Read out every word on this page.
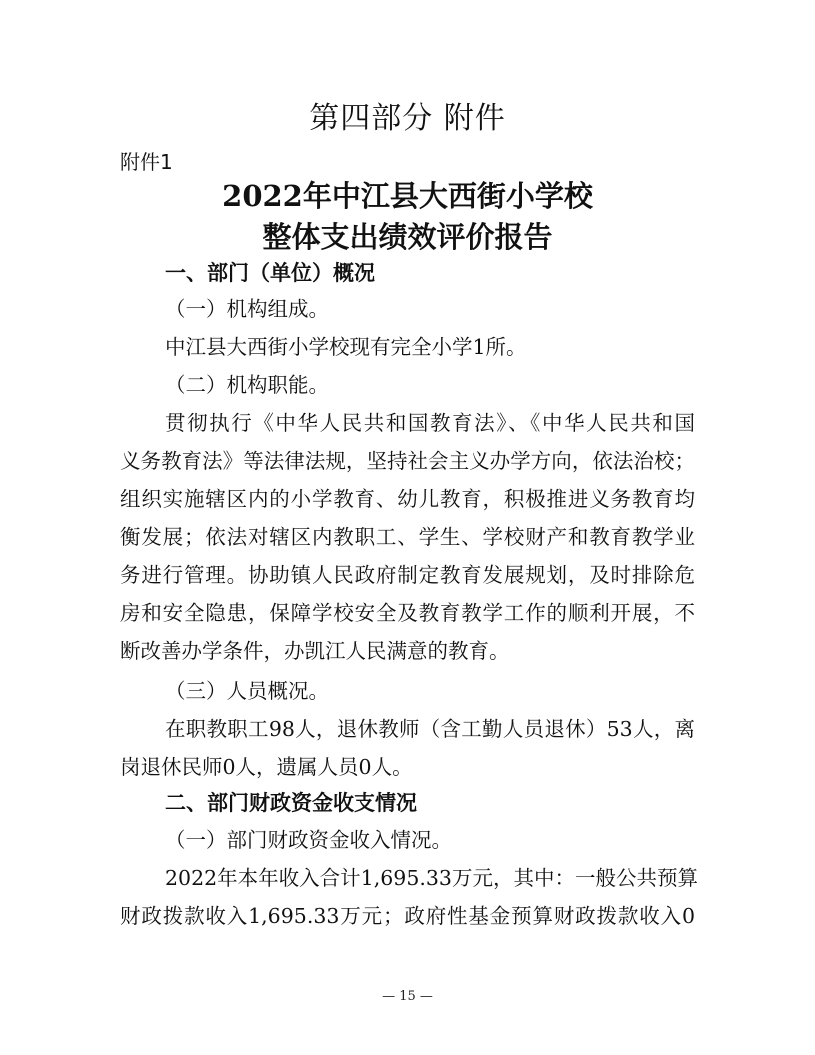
第四部分 附件
附件1
2022年中江县大西街小学校
整体支出绩效评价报告
一、部门（单位）概况
（一）机构组成。
中江县大西街小学校现有完全小学1所。
（二）机构职能。
贯彻执行《中华人民共和国教育法》、《中华人民共和国
义务教育法》等法律法规，坚持社会主义办学方向，依法治校；
组织实施辖区内的小学教育、幼儿教育，积极推进义务教育均
衡发展；依法对辖区内教职工、学生、学校财产和教育教学业
务进行管理。协助镇人民政府制定教育发展规划，及时排除危
房和安全隐患，保障学校安全及教育教学工作的顺利开展，不
断改善办学条件，办凯江人民满意的教育。
（三）人员概况。
在职教职工98人，退休教师（含工勤人员退休）53人，离
岗退休民师0人，遗属人员0人。
二、部门财政资金收支情况
（一）部门财政资金收入情况。
2022年本年收入合计1,695.33万元，其中：一般公共预算
财政拨款收入1,695.33万元；政府性基金预算财政拨款收入0
— 15 —
